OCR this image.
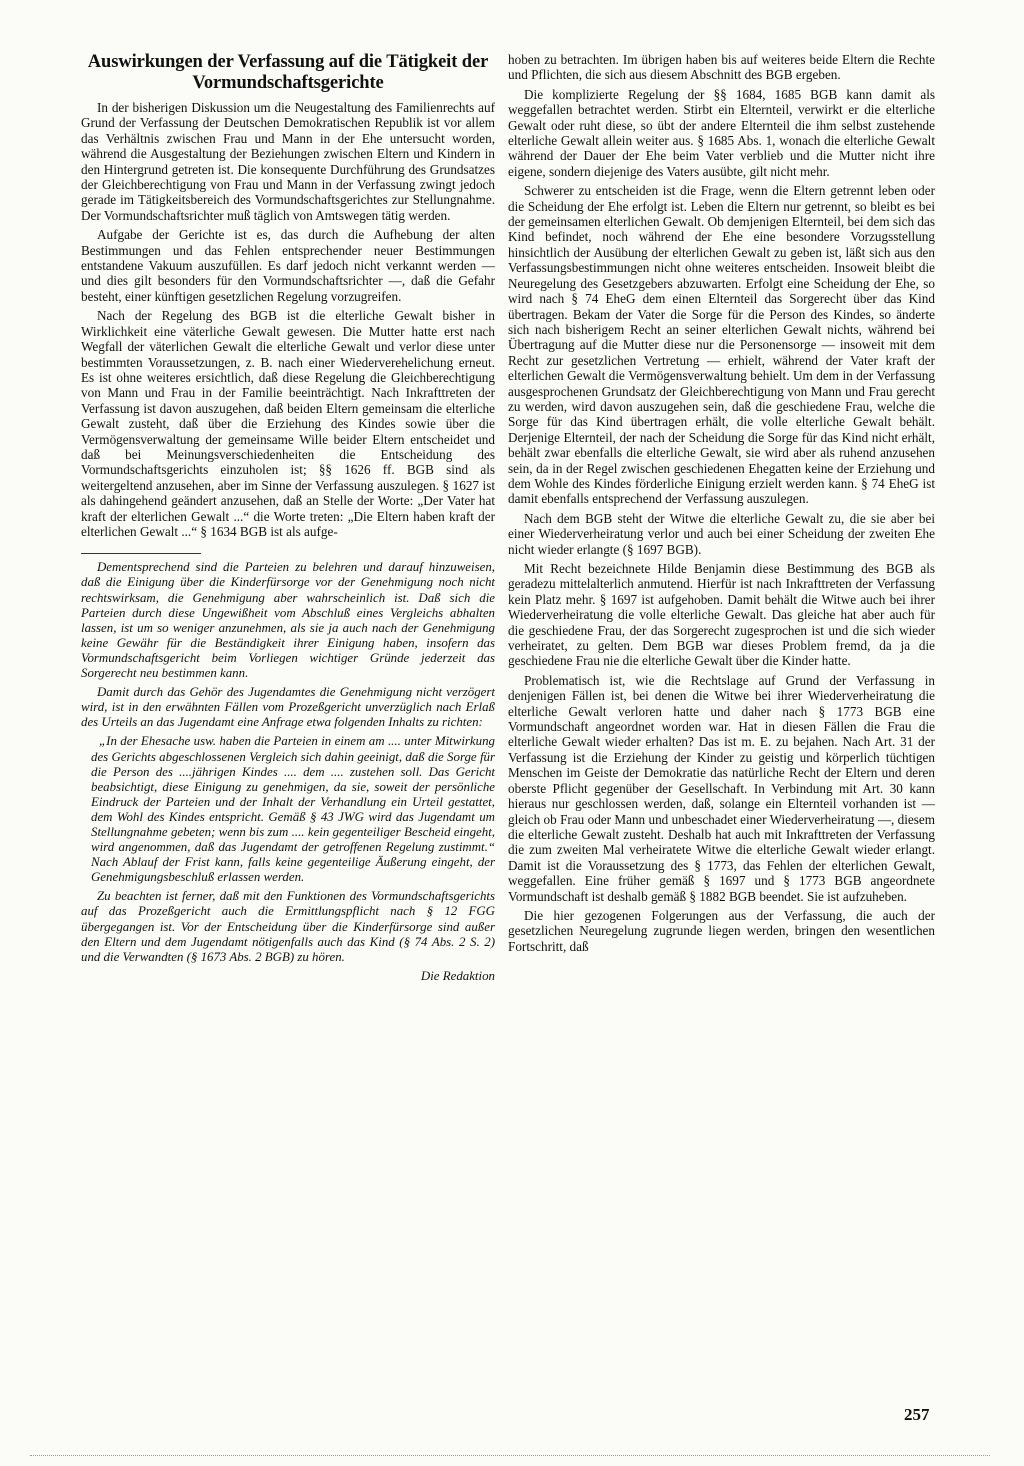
Auswirkungen der Verfassung auf die Tätigkeit der Vormundschaftsgerichte

In der bisherigen Diskussion um die Neugestaltung des Familienrechts auf Grund der Verfassung der Deutschen Demokratischen Republik ist vor allem das Verhältnis zwischen Frau und Mann in der Ehe untersucht worden, während die Ausgestaltung der Beziehungen zwischen Eltern und Kindern in den Hintergrund getreten ist. Die konsequente Durchführung des Grundsatzes der Gleichberechtigung von Frau und Mann in der Verfassung zwingt jedoch gerade im Tätigkeitsbereich des Vormundschaftsgerichtes zur Stellungnahme. Der Vormundschaftsrichter muß täglich von Amtswegen tätig werden.

Aufgabe der Gerichte ist es, das durch die Aufhebung der alten Bestimmungen und das Fehlen entsprechender neuer Bestimmungen entstandene Vakuum auszufüllen. Es darf jedoch nicht verkannt werden — und dies gilt besonders für den Vormundschaftsrichter —, daß die Gefahr besteht, einer künftigen gesetzlichen Regelung vorzugreifen.

Nach der Regelung des BGB ist die elterliche Gewalt bisher in Wirklichkeit eine väterliche Gewalt gewesen. Die Mutter hatte erst nach Wegfall der väterlichen Gewalt die elterliche Gewalt und verlor diese unter bestimmten Voraussetzungen, z. B. nach einer Wiederverehelichung erneut. Es ist ohne weiteres ersichtlich, daß diese Regelung die Gleichberechtigung von Mann und Frau in der Familie beeinträchtigt. Nach Inkrafttreten der Verfassung ist davon auszugehen, daß beiden Eltern gemeinsam die elterliche Gewalt zusteht, daß über die Erziehung des Kindes sowie über die Vermögensverwaltung der gemeinsame Wille beider Eltern entscheidet und daß bei Meinungsverschiedenheiten die Entscheidung des Vormundschaftsgerichts einzuholen ist; §§ 1626 ff. BGB sind als weitergeltend anzusehen, aber im Sinne der Verfassung auszulegen. § 1627 ist als dahingehend geändert anzusehen, daß an Stelle der Worte: „Der Vater hat kraft der elterlichen Gewalt ...“ die Worte treten: „Die Eltern haben kraft der elterlichen Gewalt ...“ § 1634 BGB ist als aufge-

Dementsprechend sind die Parteien zu belehren und darauf hinzuweisen, daß die Einigung über die Kinderfürsorge vor der Genehmigung noch nicht rechtswirksam, die Genehmigung aber wahrscheinlich ist. Daß sich die Parteien durch diese Ungewißheit vom Abschluß eines Vergleichs abhalten lassen, ist um so weniger anzunehmen, als sie ja auch nach der Genehmigung keine Gewähr für die Beständigkeit ihrer Einigung haben, insofern das Vormundschaftsgericht beim Vorliegen wichtiger Gründe jederzeit das Sorgerecht neu bestimmen kann.

Damit durch das Gehör des Jugendamtes die Genehmigung nicht verzögert wird, ist in den erwähnten Fällen vom Prozeßgericht unverzüglich nach Erlaß des Urteils an das Jugendamt eine Anfrage etwa folgenden Inhalts zu richten:

„In der Ehesache usw. haben die Parteien in einem am .... unter Mitwirkung des Gerichts abgeschlossenen Vergleich sich dahin geeinigt, daß die Sorge für die Person des ....jährigen Kindes .... dem .... zustehen soll. Das Gericht beabsichtigt, diese Einigung zu genehmigen, da sie, soweit der persönliche Eindruck der Parteien und der Inhalt der Verhandlung ein Urteil gestattet, dem Wohl des Kindes entspricht. Gemäß § 43 JWG wird das Jugendamt um Stellungnahme gebeten; wenn bis zum .... kein gegenteiliger Bescheid eingeht, wird angenommen, daß das Jugendamt der getroffenen Regelung zustimmt.“ Nach Ablauf der Frist kann, falls keine gegenteilige Äußerung eingeht, der Genehmigungsbeschluß erlassen werden.

Zu beachten ist ferner, daß mit den Funktionen des Vormundschaftsgerichts auf das Prozeßgericht auch die Ermittlungspflicht nach § 12 FGG übergegangen ist. Vor der Entscheidung über die Kinderfürsorge sind außer den Eltern und dem Jugendamt nötigenfalls auch das Kind (§ 74 Abs. 2 S. 2) und die Verwandten (§ 1673 Abs. 2 BGB) zu hören.

Die Redaktion

hoben zu betrachten. Im übrigen haben bis auf weiteres beide Eltern die Rechte und Pflichten, die sich aus diesem Abschnitt des BGB ergeben.

Die komplizierte Regelung der §§ 1684, 1685 BGB kann damit als weggefallen betrachtet werden. Stirbt ein Elternteil, verwirkt er die elterliche Gewalt oder ruht diese, so übt der andere Elternteil die ihm selbst zustehende elterliche Gewalt allein weiter aus. § 1685 Abs. 1, wonach die elterliche Gewalt während der Dauer der Ehe beim Vater verblieb und die Mutter nicht ihre eigene, sondern diejenige des Vaters ausübte, gilt nicht mehr.

Schwerer zu entscheiden ist die Frage, wenn die Eltern getrennt leben oder die Scheidung der Ehe erfolgt ist. Leben die Eltern nur getrennt, so bleibt es bei der gemeinsamen elterlichen Gewalt. Ob demjenigen Elternteil, bei dem sich das Kind befindet, noch während der Ehe eine besondere Vorzugsstellung hinsichtlich der Ausübung der elterlichen Gewalt zu geben ist, läßt sich aus den Verfassungsbestimmungen nicht ohne weiteres entscheiden. Insoweit bleibt die Neuregelung des Gesetzgebers abzuwarten. Erfolgt eine Scheidung der Ehe, so wird nach § 74 EheG dem einen Elternteil das Sorgerecht über das Kind übertragen. Bekam der Vater die Sorge für die Person des Kindes, so änderte sich nach bisherigem Recht an seiner elterlichen Gewalt nichts, während bei Übertragung auf die Mutter diese nur die Personensorge — insoweit mit dem Recht zur gesetzlichen Vertretung — erhielt, während der Vater kraft der elterlichen Gewalt die Vermögensverwaltung behielt. Um dem in der Verfassung ausgesprochenen Grundsatz der Gleichberechtigung von Mann und Frau gerecht zu werden, wird davon auszugehen sein, daß die geschiedene Frau, welche die Sorge für das Kind übertragen erhält, die volle elterliche Gewalt behält. Derjenige Elternteil, der nach der Scheidung die Sorge für das Kind nicht erhält, behält zwar ebenfalls die elterliche Gewalt, sie wird aber als ruhend anzusehen sein, da in der Regel zwischen geschiedenen Ehegatten keine der Erziehung und dem Wohle des Kindes förderliche Einigung erzielt werden kann. § 74 EheG ist damit ebenfalls entsprechend der Verfassung auszulegen.

Nach dem BGB steht der Witwe die elterliche Gewalt zu, die sie aber bei einer Wiederverheiratung verlor und auch bei einer Scheidung der zweiten Ehe nicht wieder erlangte (§ 1697 BGB).

Mit Recht bezeichnete Hilde Benjamin diese Bestimmung des BGB als geradezu mittelalterlich anmutend. Hierfür ist nach Inkrafttreten der Verfassung kein Platz mehr. § 1697 ist aufgehoben. Damit behält die Witwe auch bei ihrer Wiederverheiratung die volle elterliche Gewalt. Das gleiche hat aber auch für die geschiedene Frau, der das Sorgerecht zugesprochen ist und die sich wieder verheiratet, zu gelten. Dem BGB war dieses Problem fremd, da ja die geschiedene Frau nie die elterliche Gewalt über die Kinder hatte.

Problematisch ist, wie die Rechtslage auf Grund der Verfassung in denjenigen Fällen ist, bei denen die Witwe bei ihrer Wiederverheiratung die elterliche Gewalt verloren hatte und daher nach § 1773 BGB eine Vormundschaft angeordnet worden war. Hat in diesen Fällen die Frau die elterliche Gewalt wieder erhalten? Das ist m. E. zu bejahen. Nach Art. 31 der Verfassung ist die Erziehung der Kinder zu geistig und körperlich tüchtigen Menschen im Geiste der Demokratie das natürliche Recht der Eltern und deren oberste Pflicht gegenüber der Gesellschaft. In Verbindung mit Art. 30 kann hieraus nur geschlossen werden, daß, solange ein Elternteil vorhanden ist — gleich ob Frau oder Mann und unbeschadet einer Wiederverheiratung —, diesem die elterliche Gewalt zusteht. Deshalb hat auch mit Inkrafttreten der Verfassung die zum zweiten Mal verheiratete Witwe die elterliche Gewalt wieder erlangt. Damit ist die Voraussetzung des § 1773, das Fehlen der elterlichen Gewalt, weggefallen. Eine früher gemäß § 1697 und § 1773 BGB angeordnete Vormundschaft ist deshalb gemäß § 1882 BGB beendet. Sie ist aufzuheben.

Die hier gezogenen Folgerungen aus der Verfassung, die auch der gesetzlichen Neuregelung zugrunde liegen werden, bringen den wesentlichen Fortschritt, daß

257
